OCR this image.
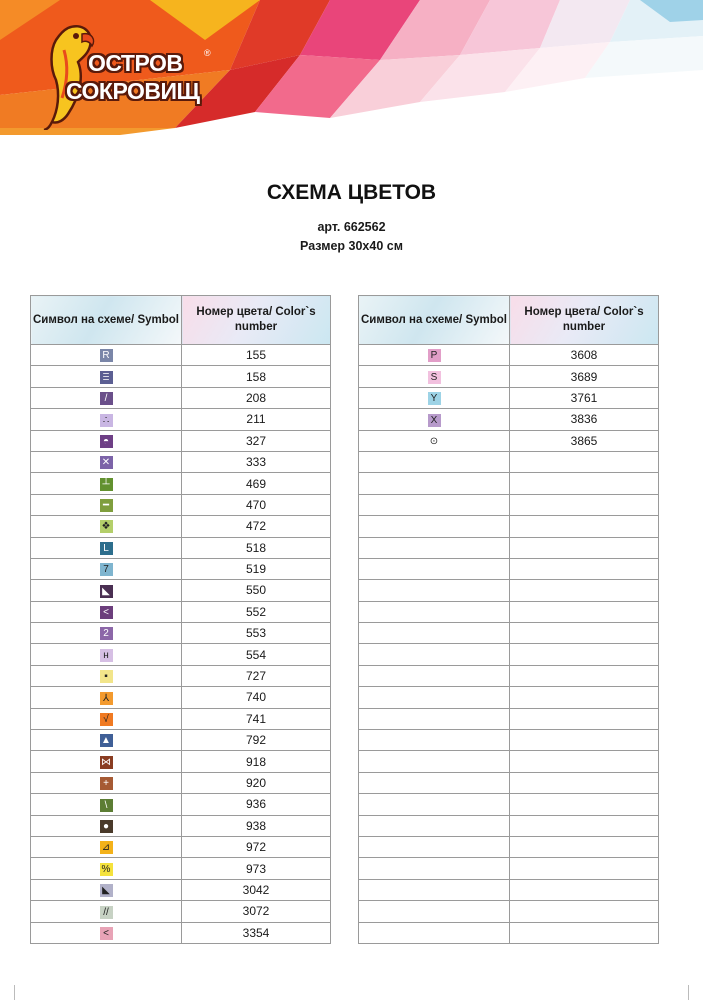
ОСТРОВ ®
СОКРОВИЩ
СХЕМА ЦВЕТОВ
арт. 662562
Размер 30х40 см
Символ на схеме/ Symbol	Номер цвета/ Color`s number
R	155
Ⲷ	158
/	208
∴	211
◓	327
✕	333
┴	469
━	470
❖	472
L	518
7	519
◣	550
<	552
2	553
н	554
▪	727
⅄	740
√	741
▲	792
⋈	918
+	920
\	936
●	938
⊿	972
%	973
◣	3042
//	3072
<	3354
Символ на схеме/ Symbol	Номер цвета/ Color`s number
P	3608
S	3689
Y	3761
X	3836
⊙	3865
